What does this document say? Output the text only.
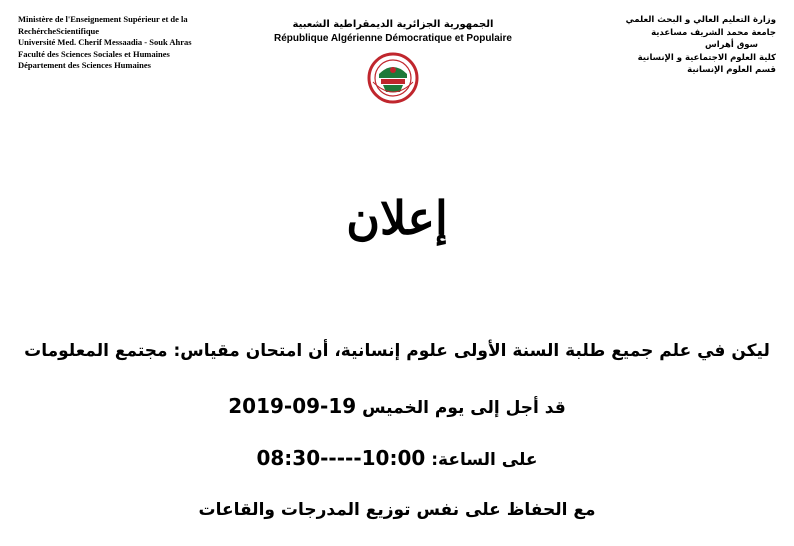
Ministère de l'Enseignement Supérieur et de la
RechércheScientifique
Université Med. Cherif Messaadia - Souk Ahras
Faculté des Sciences Sociales et Humaines
Département des Sciences Humaines
الجمهورية الجزائرية الديمقراطية الشعبية
République Algérienne Démocratique et Populaire
وزارة التعليم العالي و البحث العلمي
جامعة محمد الشريف مساعدية
سوق أهراس
كلية العلوم الاجتماعية و الإنسانية
قسم العلوم الإنسانية
إعلان
ليكن في علم جميع طلبة السنة الأولى علوم إنسانية، أن امتحان مقياس: مجتمع المعلومات
قد أجل إلى يوم الخميس 2019-09-19
على الساعة: 08:30-----10:00
مع الحفاظ على نفس توزيع المدرجات والقاعات
